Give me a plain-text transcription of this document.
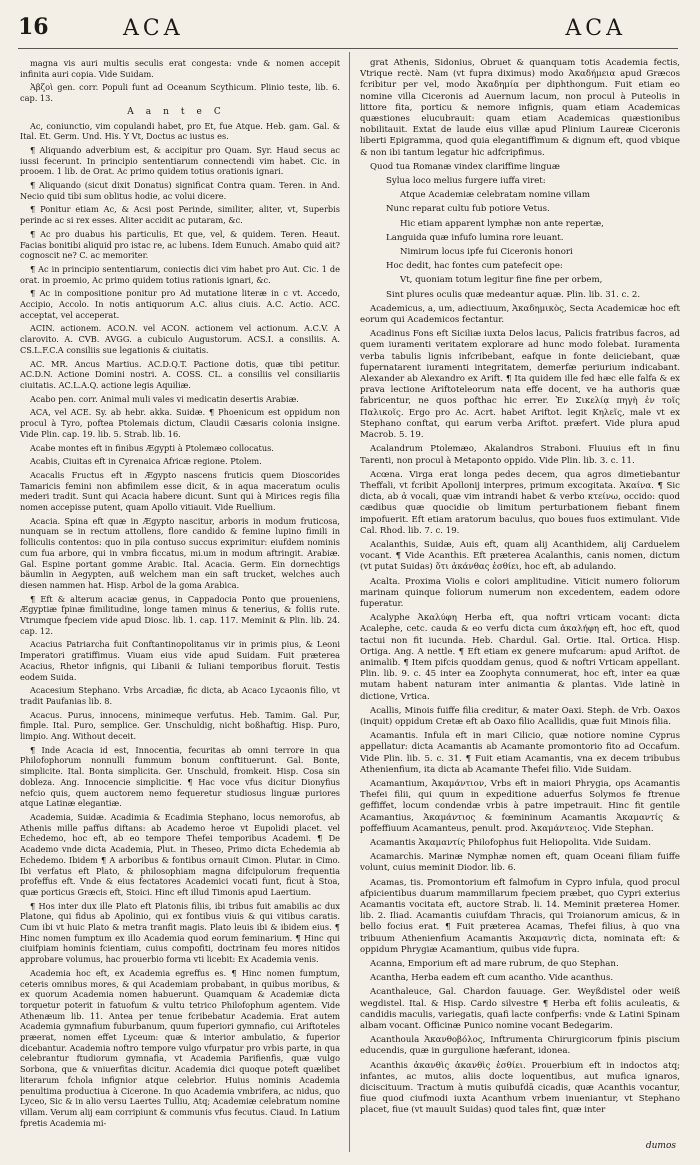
16	ACA	ACA

magna vis auri multis seculis erat congesta: vnde & nomen accepit infinita auri copia. Vide Suidam.

Ἀβζοὶ gen. corr. Populi funt ad Oceanum Scythicum. Plinio teste, lib. 6. cap. 13.

AanteC

Ac, coniunctio, vim copulandi habet, pro Et, fue Atque. Heb. gam. Gal. & Ital. Et. Germ. Und. His. Y Vt, Doctus ac iustus es.

¶ Aliquando adverbium est, & accipitur pro Quam. Syr. Haud secus ac iussi fecerunt. In principio sententiarum connectendi vim habet. Cic. in prooem. 1 lib. de Orat. Ac primo quidem totius orationis ignari.

¶ Aliquando (sicut dixit Donatus) significat Contra quam. Teren. in And. Necio quid tibi sum oblitus hodie, ac volui dicere.

¶ Ponitur etiam Ac, & Acsi post Perinde, similiter, aliter, vt, Superbis perinde ac si rex esses. Aliter accidit ac putaram, &c.

¶ Ac pro duabus his particulis, Et que, vel, & quidem. Teren. Heaut. Facias bonitibi aliquid pro istac re, ac lubens. Idem Eunuch. Amabo quid ait? cognoscit ne? C. ac memoriter.

¶ Ac in principio sententiarum, coniectis dici vim habet pro Aut. Cic. 1 de orat. in proemio, Ac primo quidem totius rationis ignari, &c.

¶ Ac in compositione ponitur pro Ad mutatione literæ in c vt. Accedo, Accipio, Accolo. In notis antiquorum A.C. alius ciuis. A.C. Actio. ACC. acceptat, vel acceperat.

ACIN. actionem. ACO.N. vel ACON. actionem vel actionum. A.C.V. A clarovito. A. CVB. AVGG. a cubiculo Augustorum. ACS.I. a consiliis. A. CS.L.F.C.A consiliis sue legationis & ciuitatis.

AC. MR. Ancus Martius. AC.D.Q.T. Pactione dotis, quæ tibi petitur. AC.D.N. Actione Domini nostri. A. COSS. CL. a consiliis vel consiliariis ciuitatis. AC.L.A.Q. actione legis Aquiliæ.

Acabo pen. corr. Animal muli vales vi medicatin desertis Arabiæ.

ACA, vel ACE. Sy. ab hebr. akka. Suidæ. ¶ Phoenicum est oppidum non procul à Tyro, poftea Ptolemais dictum, Claudii Cæsaris colonia insigne. Vide Plin. cap. 19. lib. 5. Strab. lib. 16.

Acabe montes eft in finibus Ægypti à Ptolemæo collocatus.

Acabis, Ciuitas eft in Cyrenaica Africæ regione. Ptolem.

Acacalis Fructus eft in Ægypto nascens fruticis quem Dioscorides Tamaricis femini non abfimilem esse dicit, & in aqua maceratum oculis mederi tradit. Sunt qui Acacia habere dicunt. Sunt qui à Mirices regis filia nomen accepisse putent, quam Apollo vitiauit. Vide Ruellium.

Acacia. Spina eft quæ in Ægypto nascitur, arboris in modum fruticosa, nunquam se in rectum attollens, flore candido & femine lupino fimili in folliculis contentos: quo in pila contuso succus exprimitur: eiufdem nominis cum fua arbore, qui in vmbra ficcatus, mi.um in modum aftringit. Arabiæ. Gal. Espine portant gomme Arabic. Ital. Acacia. Germ. Ein dornechtigs bäumlin in Aegypten, auß welchem man ein saft trucket, welches auch diesen nammen hat. Hisp. Arbol de la goma Arabica.

¶ Eft & alterum acaciæ genus, in Cappadocia Ponto que proueniens, Ægyptiæ fpinæ fimilitudine, longe tamen minus & tenerius, & foliis rute. Vtrumque fpeciem vide apud Diosc. lib. 1. cap. 117. Meminit & Plin. lib. 24. cap. 12.

Acacius Patriarcha fuit Conftantinopolitanus vir in primis pius, & Leoni Imperatori gratiffimus. Viuam eius vide apud Suidam. Fuit præterea Acacius, Rhetor infignis, qui Libanii & Iuliani temporibus floruit. Testis eodem Suida.

Acacesium Stephano. Vrbs Arcadiæ, fic dicta, ab Acaco Lycaonis filio, vt tradit Paufanias lib. 8.

Acacus. Purus, innocens, minimeque verfutus. Heb. Tamim. Gal. Pur, fimple. Ital. Puro, semplice. Ger. Unschuldig, nicht boßhaftig. Hisp. Puro, limpio. Ang. Without deceit.

¶ Inde Acacia id est, Innocentia, fecuritas ab omni terrore in qua Philofophorum nonnulli fummum bonum conftituerunt. Gal. Bonte, simplicite. Ital. Bonta simplicita. Ger. Unschuld, fromkeit. Hisp. Cosa sin dobleza. Ang. Innocencie simplicitie. ¶ Hac voce vfus dicitur Dionyfius nefcio quis, quem auctorem nemo fequeretur studiosus linguæ puriores atque Latinæ elegantiæ.

Academia, Suidæ. Acadimia & Ecadimia Stephano, locus nemorofus, ab Athenis mille paffus diftans: ab Academo heroe vt Eupolidi placet. vel Echedemo, hoc eft, ab eo tempore Thefei temporibus Academi. ¶ De Academo vnde dicta Academia, Plut. in Theseo, Primo dicta Echedemia ab Echedemo. Ibidem ¶ A arboribus & fontibus ornauit Cimon. Plutar. in Cimo. Ibi verfatus eft Plato, & philosophiam magna difcipulorum frequentia profeffus eft. Vnde & eius fectatores Academici vocati funt, ficut à Stoa, quæ porticus Græcis eft, Stoici. Hinc eft illud Timonis apud Laertium.

¶ Hos inter dux ille Plato eft Platonis filiis, ibi tribus fuit amabilis ac dux Platone, qui fidus ab Apolinio, qui ex fontibus viuis & qui vitibus caratis. Cum ibi vt huic Plato & metra tranfit magis. Plato leuis ibi & ibidem eius. ¶ Hinc nomen fumptum ex illo Academia quod eorum feminarium. ¶ Hinc qui ciuifpiam hominis fcientiam, cuius compofiti, doctrinam feu mores nitidos approbare volumus, hac prouerbio forma vti licebit: Ex Academia venis.

Academia hoc eft, ex Academia egreffus es. ¶ Hinc nomen fumptum, ceteris omnibus mores, & qui Academiam probabant, in quibus moribus, & ex quorum Academia nomen habuerunt. Quamquam & Academiæ dicta torquetur poterit in fatuofum & vultu tetrico Philofophum agentem. Vide Athenæum lib. 11. Antea per tenue fcribebatur Academia. Erat autem Academia gymnafium fuburbanum, quum fuperiori gymnafio, cui Ariftoteles præerat, nomen effet Lyceum: quæ & interior ambulatio, & fuperior dicebantur. Academia noftro tempore vulgo vfurpatur pro vrbis parte, in qua celebrantur ftudiorum gymnafia, vt Academia Parifienfis, quæ vulgo Sorbona, que & vniuerfitas dicitur. Academia dici quoque poteft quælibet literarum fchola infignior atque celebrior. Huius nominis Academia penultima productiua à Cicerone. In quo Academia vmbrifera, ac nidus, quo Lyceo, Sic & in alio versu Laertes Tulliu, Atq; Academiæ celebratum nomine villam. Verum alij eam corripiunt & communis vfus fecutus. Ciaud. In Latium fpretis Academia mi-

grat Athenis, Sidonius, Obruet & quanquam totis Academia fectis, Vtrique rectè. Nam (vt fupra diximus) modo Ἀκαδήμεια apud Græcos fcribitur per vel, modo Ἀκαδημία per diphthongum. Fuit etiam eo nomine villa Ciceronis ad Auernum lacum, non procul à Puteolis in littore fita, porticu & nemore infignis, quam etiam Academicas quæstiones elucubrauit: quam etiam Academicas quæstionibus nobilitauit. Extat de laude eius villæ apud Plinium Laureæ Ciceronis liberti Epigramma, quod quia elegantiffimum & dignum eft, quod vbique & non ibi tantum legatur hic adfcripfimus.

Quod tua Romanæ vindex clariffime linguæ

Sylua loco melius furgere iuffa viret:

Atque Academiæ celebratam nomine villam

Nunc reparat cultu fub potiore Vetus.

Hic etiam apparent lymphæ non ante repertæ,

Languida quæ infufo lumina rore leuant.

Nimirum locus ipfe fui Ciceronis honori

Hoc dedit, hac fontes cum patefecit ope:

Vt, quoniam totum legitur fine fine per orbem,

Sint plures oculis quæ medeantur aquæ. Plin. lib. 31. c. 2.

Academicus, a, um, adiectiuum, Ἀκαδημικὸς, Secta Academicæ hoc eft eorum qui Academicos fectantur.

Acadinus Fons eft Siciliæ iuxta Delos lacus, Palicis fratribus facros, ad quem iuramenti veritatem explorare ad hunc modo folebat. Iuramenta verba tabulis lignis infcribebant, eafque in fonte deiiciebant, quæ fupernatarent iuramenti integritatem, demerfæ periurium indicabant. Alexander ab Alexandro ex Arift. ¶ Ita quidem ille fed hæc elle falfa & ex prava lectione Ariftoteleorum nata effe docent, ve ha authoris quæ fabricentur, ne quos pofthac hic errer. Ἐν Σικελίᾳ πηγὴ ἐν τοῖς Παλικοῖς. Ergo pro Ac. Αcrt. habet Ariftot. legit Κηλεῖς, male vt ex Stephano conftat, qui earum verba Ariftot. præfert. Vide plura apud Macrob. 5. 19.

Acalandrum Ptolemæo, Akalandros Straboni. Fluuius eft in finu Tarenti, non procul à Metaponto oppido. Vide Plin. lib. 3. c. 11.

Acœna. Virga erat longa pedes decem, qua agros dimetiebantur Theffali, vt fcribit Apollonij interpres, primum excogitata. Ἀκαίνα. ¶ Sic dicta, ab ἀ vocali, quæ vim intrandi habet & verbo κτείνω, occido: quod cædibus quæ quocidie ob limitum perturbationem fiebant finem impofuerit. Eft etiam aratorum baculus, quo boues fuos extimulant. Vide Cal. Rhod. lib. 7. c. 19.

Acalanthis, Suidæ, Auis eft, quam alij Acanthidem, alij Carduelem vocant. ¶ Vide Acanthis. Eft præterea Acalanthis, canis nomen, dictum (vt putat Suidas) ὅτι ἀκάνθας ἐσθίει, hoc eft, ab adulando.

Acalta. Proxima Violis e colori amplitudine. Viticit numero foliorum marinam quinque foliorum numerum non excedentem, eadem odore fuperatur.

Acalyphe Ἀκαλύφη Herba eft, qua noftri vrticam vocant: dicta Acalephe, cetc. cauda & eo verfu dicta cum ἀκαλήφη eft, hoc eft, quod tactui non fit iucunda. Heb. Chardul. Gal. Ortie. Ital. Ortica. Hisp. Ortiga. Ang. A nettle. ¶ Eft etiam ex genere mufcarum: apud Ariftot. de animalib. ¶ Item pifcis quoddam genus, quod & noftri Vrticam appellant. Plin. lib. 9. c. 45 inter ea Zoophyta connumerat, hoc eft, inter ea quæ mutam habent naturam inter animantia & plantas. Vide latinè in dictione, Vrtica.

Acallis, Minois fuiffe filia creditur, & mater Oaxi. Steph. de Vrb. Oaxos (inquit) oppidum Cretæ eft ab Oaxo filio Acallidis, quæ fuit Minois filia.

Acamantis. Infula eft in mari Cilicio, quæ notiore nomine Cyprus appellatur: dicta Acamantis ab Acamante promontorio fito ad Occafum. Vide Plin. lib. 5. c. 31. ¶ Fuit etiam Acamantis, vna ex decem tribubus Athenienfium, ita dicta ab Acamante Thefei filio. Vide Suidam.

Acamantium, Ἀκαμάντιον, Vrbs eft in maiori Phrygia, ops Acamantis Thefei filii, qui quum in expeditione aduerfus Solymos fe ftrenue geffiffet, locum condendæ vrbis à patre impetrauit. Hinc fit gentile Acamantius, Ἀκαμάντιος & fœmininum Acamantis Ἀκαμαντίς & poffeffiuum Acamanteus, penult. prod. Ἀκαμάντειος. Vide Stephan.

Acamantis Ἀκαμαντίς Philofophus fuit Heliopolita. Vide Suidam.

Acamarchis. Marinæ Nymphæ nomen eft, quam Oceani filiam fuiffe volunt, cuius meminit Diodor. lib. 6.

Acamas, tis. Promontorium eft falmofum in Cypro infula, quod procul afpicientibus duarum mammillarum fpeciem præbet, quo Cypri exterius Acamantis vocitata eft, auctore Strab. li. 14. Meminit præterea Homer. lib. 2. Iliad. Acamantis cuiufdam Thracis, qui Troianorum amicus, & in bello focius erat. ¶ Fuit præterea Acamas, Thefei filius, à quo vna tribuum Athenienfium Acamantis Ἀκαμαντὶς dicta, nominata eft: & oppidum Phrygiæ Acamantium, quibus vide fupra.

Acanna, Emporium eft ad mare rubrum, de quo Stephan.

Acantha, Herba eadem eft cum acantho. Vide acanthus.

Acanthaleuce, Gal. Chardon fauuage. Ger. Weyßdistel oder weiß wegdistel. Ital. & Hisp. Cardo silvestre ¶ Herba eft foliis aculeatis, & candidis maculis, variegatis, quafi lacte confperfis: vnde & Latini Spinam albam vocant. Officinæ Punico nomine vocant Bedegarim.

Acanthoula Ἀκανθοβόλος, Inftrumenta Chirurgicorum fpinis piscium educendis, quæ in gurgulione hæferant, idonea.

Acanthis ἀκανθὶς ἀκανθὶς ἐσθίει. Prouerbium eft in indoctos atq; infantes, ac mutos, aliis docte loquentibus, aut mufica ignaros, diciscituum. Tractum à mutis quibufdā cicadis, quæ Acanthis vocantur, fiue quod ciufmodi iuxta Acanthum vrbem inueniantur, vt Stephano placet, fiue (vt mauult Suidas) quod tales fint, quæ inter

dumos
